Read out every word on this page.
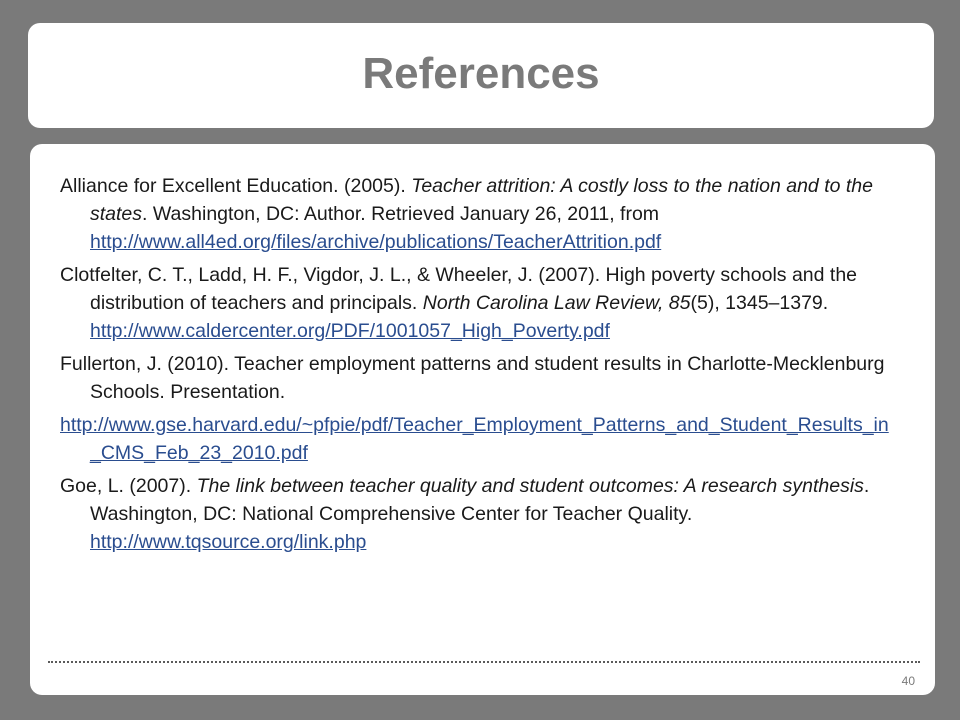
References

Alliance for Excellent Education. (2005). Teacher attrition: A costly loss to the nation and to the states. Washington, DC: Author. Retrieved January 26, 2011, from
http://www.all4ed.org/files/archive/publications/TeacherAttrition.pdf

Clotfelter, C. T., Ladd, H. F., Vigdor, J. L., & Wheeler, J. (2007). High poverty schools and the distribution of teachers and principals. North Carolina Law Review, 85(5), 1345–1379. http://www.caldercenter.org/PDF/1001057_High_Poverty.pdf

Fullerton, J. (2010). Teacher employment patterns and student results in Charlotte-Mecklenburg Schools. Presentation.

http://www.gse.harvard.edu/~pfpie/pdf/Teacher_Employment_Patterns_and_Student_Results_in_CMS_Feb_23_2010.pdf

Goe, L. (2007). The link between teacher quality and student outcomes: A research synthesis. Washington, DC: National Comprehensive Center for Teacher Quality. http://www.tqsource.org/link.php

40
